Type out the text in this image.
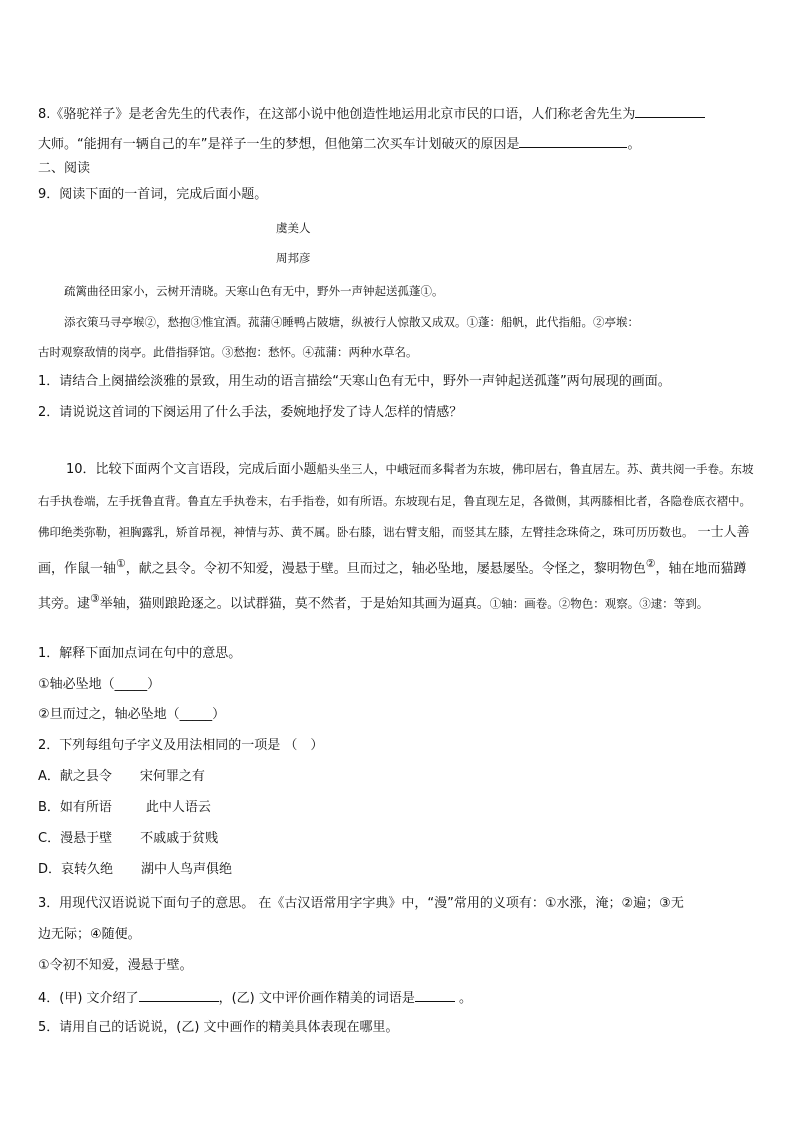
8.《骆驼祥子》是老舍先生的代表作，在这部小说中他创造性地运用北京市民的口语，人们称老舍先生为
大师。“能拥有一辆自己的车”是祥子一生的梦想，但他第二次买车计划破灭的原因是	。
二、阅读
9．阅读下面的一首词，完成后面小题。
虞美人
周邦彦
疏篱曲径田家小，云树开清晓。天寒山色有无中，野外一声钟起送孤蓬①。
添衣策马寻亭堠②，愁抱③惟宜酒。菰蒲④睡鸭占陂塘，纵被行人惊散又成双。①蓬：船帆，此代指船。②亭堠：
古时观察敌情的岗亭。此借指驿馆。③愁抱：愁怀。④菰蒲：两种水草名。
1．请结合上阕描绘淡雅的景致，用生动的语言描绘“天寒山色有无中，野外一声钟起送孤蓬”两句展现的画面。
2．请说说这首词的下阕运用了什么手法，委婉地抒发了诗人怎样的情感？
10．比较下面两个文言语段，完成后面小题船头坐三人，中峨冠而多髯者为东坡，佛印居右，鲁直居左。苏、黄共阅一手卷。东坡右手执卷端，左手抚鲁直背。鲁直左手执卷末，右手指卷，如有所语。东坡现右足，鲁直现左足，各微侧，其两膝相比者，各隐卷底衣褶中。佛印绝类弥勒，袒胸露乳，矫首昂视，神情与苏、黄不属。卧右膝，诎右臂支船，而竖其左膝，左臂挂念珠倚之，珠可历历数也。 一士人善画，作鼠一轴①，献之县令。令初不知爱，漫悬于壁。旦而过之，轴必坠地，屡悬屡坠。令怪之，黎明物色②，轴在地而猫蹲其旁。逮③举轴，猫则踉跄逐之。以试群猫，莫不然者，于是始知其画为逼真。①轴：画卷。②物色：观察。③逮：等到。
1．解释下面加点词在句中的意思。
①轴必坠地（_____）
②旦而过之，轴必坠地（_____）
2．下列每组句子字义及用法相同的一项是 （　）
A．献之县令 宋何罪之有
B．如有所语	此中人语云
C．漫悬于壁 不戚戚于贫贱
D．哀转久绝 湖中人鸟声俱绝
3．用现代汉语说说下面句子的意思。 在《古汉语常用字字典》中，“漫”常用的义项有：①水涨，淹；②遍；③无
边无际；④随便。
①令初不知爱，漫悬于壁。
4．(甲) 文介绍了	，(乙) 文中评价画作精美的词语是	。
5．请用自己的话说说，(乙) 文中画作的精美具体表现在哪里。
